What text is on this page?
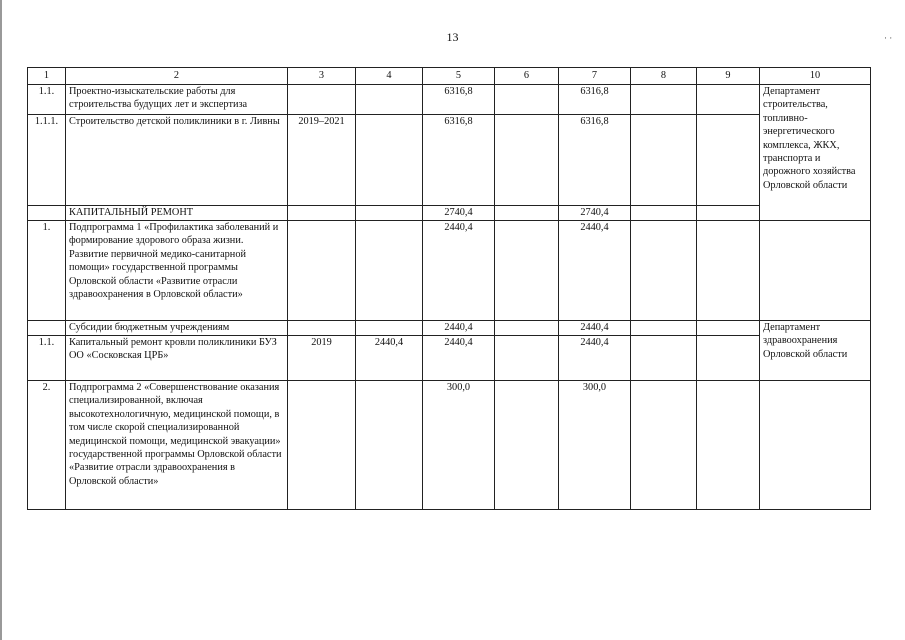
13	· ·
1	2	3	4	5	6	7	8	9	10
1.1.	Проектно-изыскательские работы для строительства будущих лет и экспертиза			6316,8		6316,8			Департамент строительства, топливно-энергетического комплекса, ЖКХ, транспорта и дорожного хозяйства Орловской области
1.1.1.	Строительство детской поликлиники в г. Ливны	2019–2021		6316,8		6316,8			
	КАПИТАЛЬНЫЙ РЕМОНТ			2740,4		2740,4			
1.	Подпрограмма 1 «Профилактика заболеваний и формирование здорового образа жизни. Развитие первичной медико-санитарной помощи» государственной программы Орловской области «Развитие отрасли здравоохранения в Орловской области»			2440,4		2440,4			
	Субсидии бюджетным учреждениям			2440,4		2440,4			Департамент здравоохранения Орловской области
1.1.	Капитальный ремонт кровли поликлиники БУЗ ОО «Сосковская ЦРБ»	2019	2440,4	2440,4		2440,4			
2.	Подпрограмма 2 «Совершенствование оказания специализированной, включая высокотехнологичную, медицинской помощи, в том числе скорой специализированной медицинской помощи, медицинской эвакуации» государственной программы Орловской области «Развитие отрасли здравоохранения в Орловской области»			300,0		300,0			
